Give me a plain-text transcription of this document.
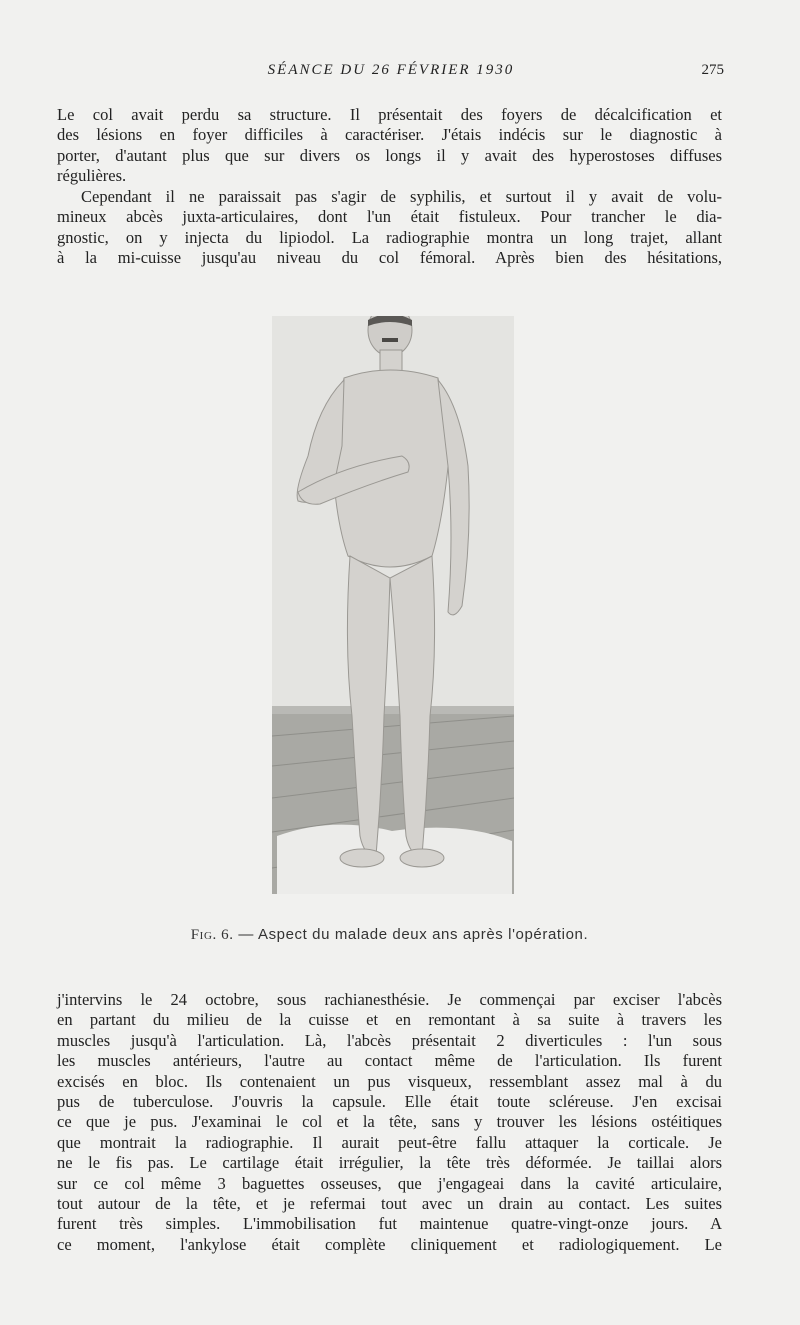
SÉANCE DU 26 FÉVRIER 1930	275
Le col avait perdu sa structure. Il présentait des foyers de décalcification et
des lésions en foyer difficiles à caractériser. J'étais indécis sur le diagnostic à
porter, d'autant plus que sur divers os longs il y avait des hyperostoses diffuses
régulières.
Cependant il ne paraissait pas s'agir de syphilis, et surtout il y avait de volu-
mineux abcès juxta-articulaires, dont l'un était fistuleux. Pour trancher le dia-
gnostic, on y injecta du lipiodol. La radiographie montra un long trajet, allant
à la mi-cuisse jusqu'au niveau du col fémoral. Après bien des hésitations,
Fig. 6. — Aspect du malade deux ans après l'opération.
j'intervins le 24 octobre, sous rachianesthésie. Je commençai par exciser l'abcès
en partant du milieu de la cuisse et en remontant à sa suite à travers les
muscles jusqu'à l'articulation. Là, l'abcès présentait 2 diverticules : l'un sous
les muscles antérieurs, l'autre au contact même de l'articulation. Ils furent
excisés en bloc. Ils contenaient un pus visqueux, ressemblant assez mal à du
pus de tuberculose. J'ouvris la capsule. Elle était toute scléreuse. J'en excisai
ce que je pus. J'examinai le col et la tête, sans y trouver les lésions ostéitiques
que montrait la radiographie. Il aurait peut-être fallu attaquer la corticale. Je
ne le fis pas. Le cartilage était irrégulier, la tête très déformée. Je taillai alors
sur ce col même 3 baguettes osseuses, que j'engageai dans la cavité articulaire,
tout autour de la tête, et je refermai tout avec un drain au contact. Les suites
furent très simples. L'immobilisation fut maintenue quatre-vingt-onze jours. A
ce moment, l'ankylose était complète cliniquement et radiologiquement. Le
